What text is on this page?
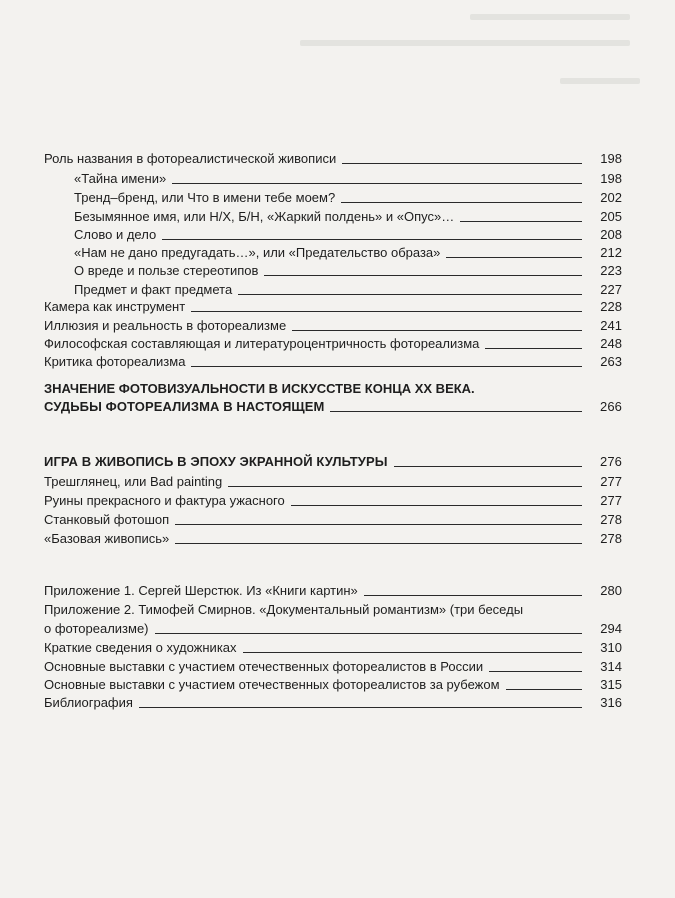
Роль названия в фотореалистической живописи	198
«Тайна имени»	198
Тренд–бренд, или Что в имени тебе моем?	202
Безымянное имя, или Н/Х, Б/Н, «Жаркий полдень» и «Опус»…	205
Слово и дело	208
«Нам не дано предугадать…», или «Предательство образа»	212
О вреде и пользе стереотипов	223
Предмет и факт предмета	227
Камера как инструмент	228
Иллюзия и реальность в фотореализме	241
Философская составляющая и литературоцентричность фотореализма	248
Критика фотореализма	263
ЗНАЧЕНИЕ ФОТОВИЗУАЛЬНОСТИ В ИСКУССТВЕ КОНЦА XX ВЕКА.
СУДЬБЫ ФОТОРЕАЛИЗМА В НАСТОЯЩЕМ	266
ИГРА В ЖИВОПИСЬ В ЭПОХУ ЭКРАННОЙ КУЛЬТУРЫ	276
Трешглянец, или Bad painting	277
Руины прекрасного и фактура ужасного	277
Станковый фотошоп	278
«Базовая живопись»	278
Приложение 1. Сергей Шерстюк. Из «Книги картин»	280
Приложение 2. Тимофей Смирнов. «Документальный романтизм» (три беседы
о фотореализме)	294
Краткие сведения о художниках	310
Основные выставки с участием отечественных фотореалистов в России	314
Основные выставки с участием отечественных фотореалистов за рубежом	315
Библиография	316
